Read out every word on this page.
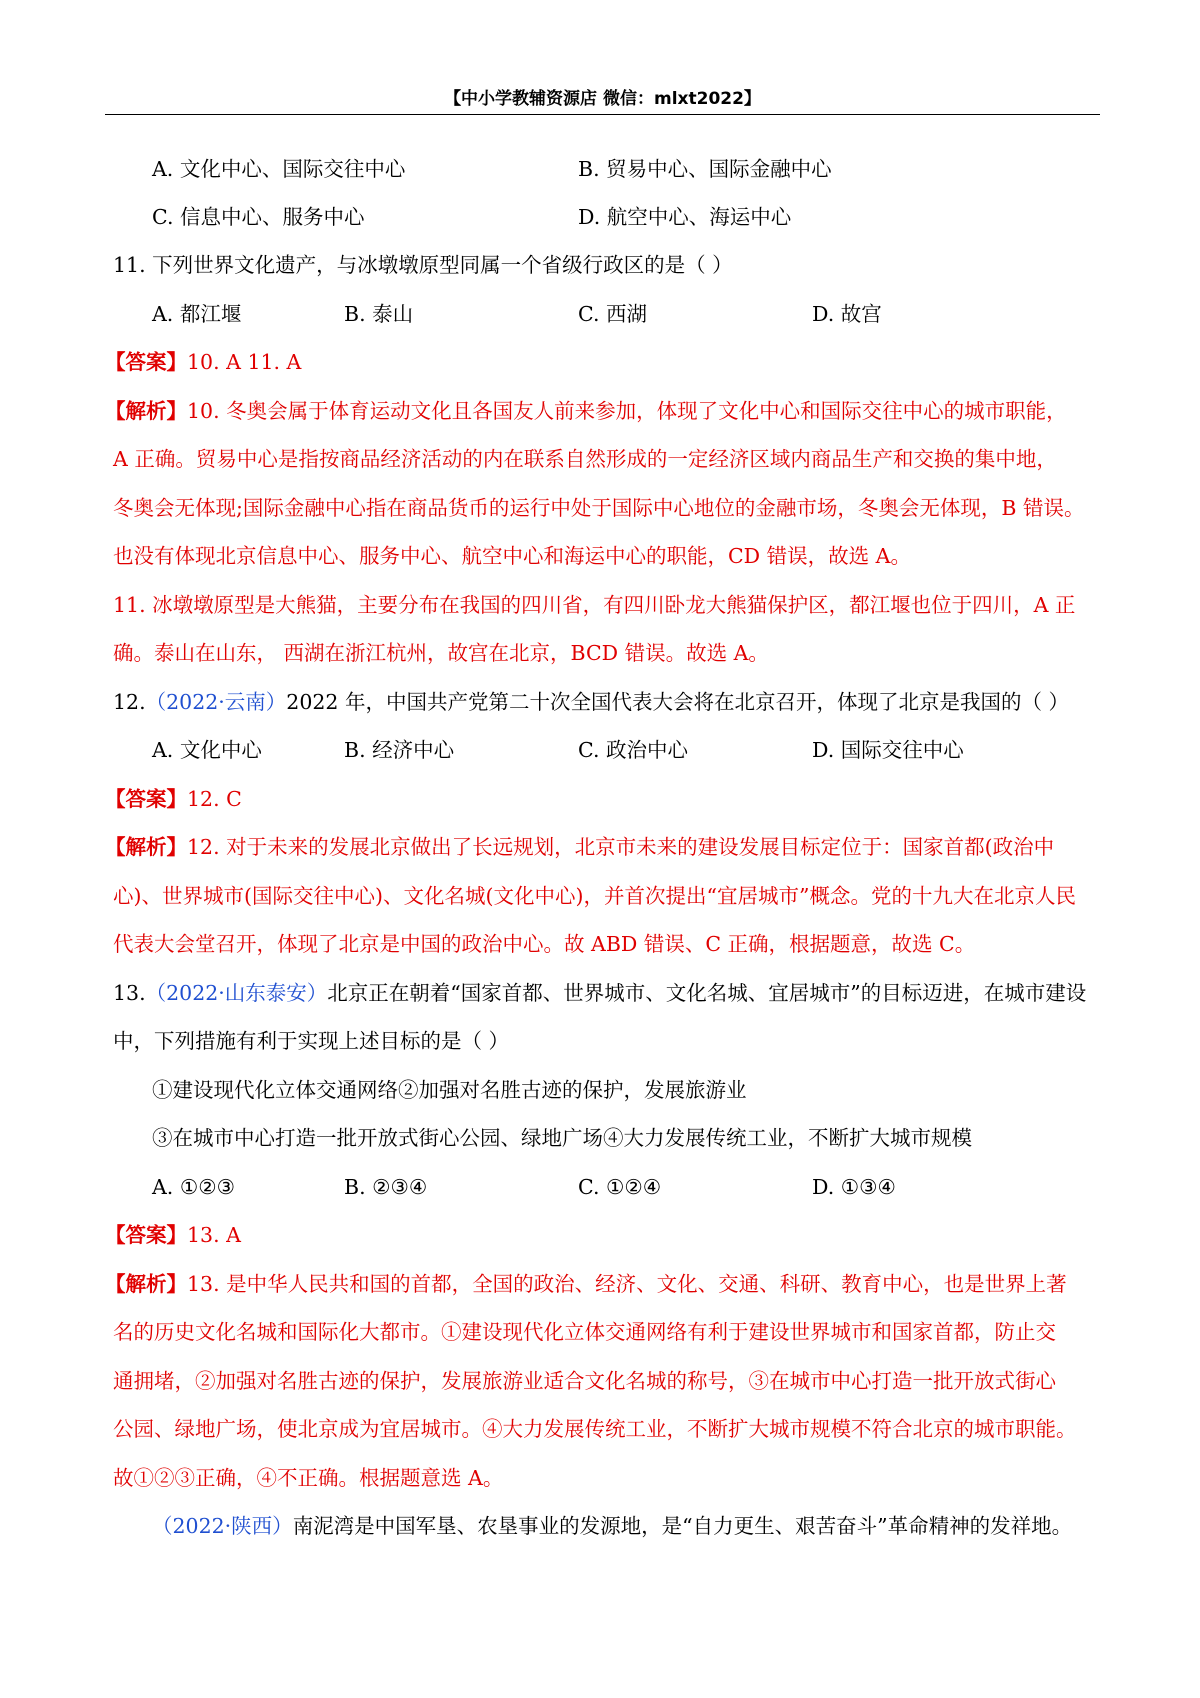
【中小学教辅资源店 微信：mlxt2022】
A. 文化中心、国际交往中心	B. 贸易中心、国际金融中心
C. 信息中心、服务中心	D. 航空中心、海运中心
11. 下列世界文化遗产，与冰墩墩原型同属一个省级行政区的是（ ）
A. 都江堰	B. 泰山	C. 西湖	D. 故宫
【答案】10. A 11. A
【解析】10. 冬奥会属于体育运动文化且各国友人前来参加，体现了文化中心和国际交往中心的城市职能，
A 正确。贸易中心是指按商品经济活动的内在联系自然形成的一定经济区域内商品生产和交换的集中地，
冬奥会无体现;国际金融中心指在商品货币的运行中处于国际中心地位的金融市场，冬奥会无体现，B 错误。
也没有体现北京信息中心、服务中心、航空中心和海运中心的职能，CD 错误，故选 A。
11. 冰墩墩原型是大熊猫，主要分布在我国的四川省，有四川卧龙大熊猫保护区，都江堰也位于四川，A 正
确。泰山在山东， 西湖在浙江杭州，故宫在北京，BCD 错误。故选 A。
12.（2022·云南）2022 年，中国共产党第二十次全国代表大会将在北京召开，体现了北京是我国的（ ）
A. 文化中心	B. 经济中心	C. 政治中心	D. 国际交往中心
【答案】12. C
【解析】12. 对于未来的发展北京做出了长远规划，北京市未来的建设发展目标定位于：国家首都(政治中
心)、世界城市(国际交往中心)、文化名城(文化中心)，并首次提出“宜居城市”概念。党的十九大在北京人民
代表大会堂召开，体现了北京是中国的政治中心。故 ABD 错误、C 正确，根据题意，故选 C。
13.（2022·山东泰安）北京正在朝着“国家首都、世界城市、文化名城、宜居城市”的目标迈进，在城市建设
中，下列措施有利于实现上述目标的是（ ）
①建设现代化立体交通网络②加强对名胜古迹的保护，发展旅游业
③在城市中心打造一批开放式街心公园、绿地广场④大力发展传统工业，不断扩大城市规模
A. ①②③	B. ②③④	C. ①②④	D. ①③④
【答案】13. A
【解析】13. 是中华人民共和国的首都，全国的政治、经济、文化、交通、科研、教育中心，也是世界上著
名的历史文化名城和国际化大都市。①建设现代化立体交通网络有利于建设世界城市和国家首都，防止交
通拥堵，②加强对名胜古迹的保护，发展旅游业适合文化名城的称号，③在城市中心打造一批开放式街心
公园、绿地广场，使北京成为宜居城市。④大力发展传统工业，不断扩大城市规模不符合北京的城市职能。
故①②③正确，④不正确。根据题意选 A。
（2022·陕西）南泥湾是中国军垦、农垦事业的发源地，是“自力更生、艰苦奋斗”革命精神的发祥地。
